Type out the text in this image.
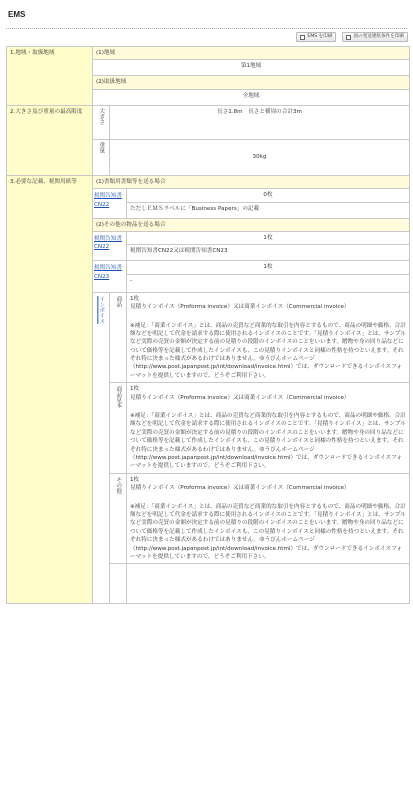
EMS
EMS を印刷	国の発送連絡条件を印刷
1.地域・取扱地域	(1)地域		
	第1地域		
	(2)取扱地域		
	全地域		
2.大きさ及び重量の最高限度	大きさ	長さ1.8m　長さと横周の合計3m	
	重量	30kg	
3.必要な記載、税関用紙等	(1)書類用書類等を送る場合		
	税関告知書CN22		0枚
			ただしＥＭＳラベルに「Business Papers」の記載
	(2)その他の物品を送る場合		
	税関告知書CN22		1枚
			税関告知書CN22又は税関告知書CN23
	税関告知書CN23		1枚
			-
	インボイス	商品	1枚
見積りインボイス（Proforma invoice）又は商業インボイス（Commercial invoice）
※補足：「商業インボイス」とは、商品の売買など商業的な取引を内容とするもので、商品の明細や価格、合計額などを明記して代金を請求する際に使用されるインボイスのことです。「見積りインボイス」とは、サンプルなど実際の売買の金額が決定する前の見積りの段階のインボイスのことをいいます。贈物や身の回り品などについて価格等を記載して作成したインボイスも、この見積りインボイスと同様の性格を持つといえます。それぞれ特に決まった様式があるわけではありません。ゆうびんホームページ（http://www.post.japanpost.jp/int/download/invoice.html）では、ダウンロードできるインボイスフォーマットを提供していますので、どうぞご利用下さい。

		商品見本	1枚
見積りインボイス（Proforma invoice）又は商業インボイス（Commercial invoice）
※補足：「商業インボイス」とは、商品の売買など商業的な取引を内容とするもので、商品の明細や価格、合計額などを明記して代金を請求する際に使用されるインボイスのことです。「見積りインボイス」とは、サンプルなど実際の売買の金額が決定する前の見積りの段階のインボイスのことをいいます。贈物や身の回り品などについて価格等を記載して作成したインボイスも、この見積りインボイスと同様の性格を持つといえます。それぞれ特に決まった様式があるわけではありません。ゆうびんホームページ（http://www.post.japanpost.jp/int/download/invoice.html）では、ダウンロードできるインボイスフォーマットを提供していますので、どうぞご利用下さい。

		その他	1枚
見積りインボイス（Proforma invoice）又は商業インボイス（Commercial invoice）
※補足：「商業インボイス」とは、商品の売買など商業的な取引を内容とするもので、商品の明細や価格、合計額などを明記して代金を請求する際に使用されるインボイスのことです。「見積りインボイス」とは、サンプルなど実際の売買の金額が決定する前の見積りの段階のインボイスのことをいいます。贈物や身の回り品などについて価格等を記載して作成したインボイスも、この見積りインボイスと同様の性格を持つといえます。それぞれ特に決まった様式があるわけではありません。ゆうびんホームページ（http://www.post.japanpost.jp/int/download/invoice.html）では、ダウンロードできるインボイスフォーマットを提供していますので、どうぞご利用下さい。
